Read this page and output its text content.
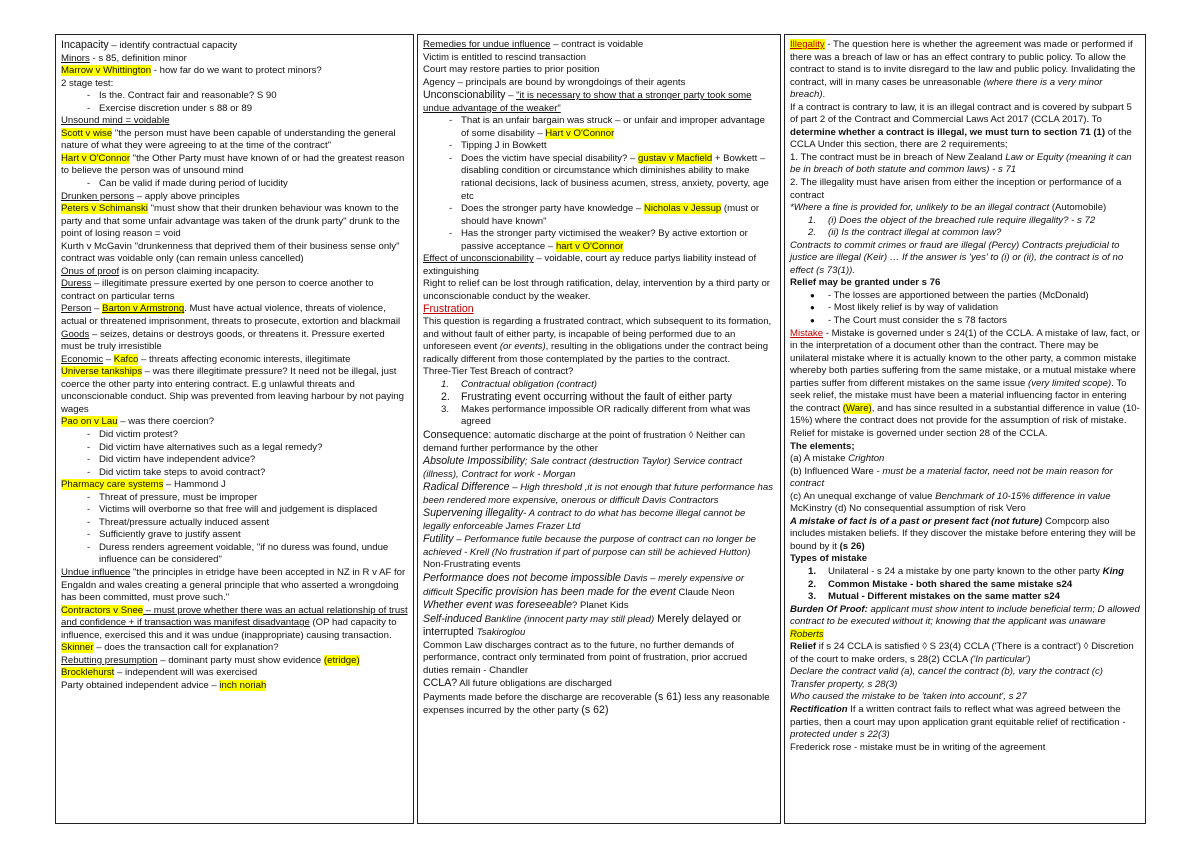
Incapacity – identify contractual capacity

Minors - s 85, definition minor

Marrow v Whittington - how far do we want to protect minors?

2 stage test:

- Is the. Contract fair and reasonable? S 90

- Exercise discretion under s 88 or 89

Unsound mind = voidable

Scott v wise "the person must have been capable of understanding the general nature of what they were agreeing to at the time of the contract"

Hart v O'Connor "the Other Party must have known of or had the greatest reason to believe the person was of unsound mind

- Can be valid if made during period of lucidity

Drunken persons – apply above principles

Peters v Schimanski "must show that their drunken behaviour was known to the party and that some unfair advantage was taken of the drunk party" drunk to the point of losing reason = void

Kurth v McGavin "drunkenness that deprived them of their business sense only" contract was voidable only (can remain unless cancelled)

Onus of proof is on person claiming incapacity.

Duress – illegitimate pressure exerted by one person to coerce another to contract on particular terns

Person – Barton v Armstrong. Must have actual violence, threats of violence, actual or threatened imprisonment, threats to prosecute, extortion and blackmail

Goods – seizes, detains or destroys goods, or threatens it. Pressure exerted must be truly irresistible

Economic – Kafco – threats affecting economic interests, illegitimate

Universe tankships – was there illegitimate pressure? It need not be illegal, just coerce the other party into entering contract. E.g unlawful threats and unconscionable conduct. Ship was prevented from leaving harbour by not paying wages

Pao on v Lau – was there coercion?

- Did victim protest?

- Did victim have alternatives such as a legal remedy?

- Did victim have independent advice?

- Did victim take steps to avoid contract?

Pharmacy care systems – Hammond J

- Threat of pressure, must be improper

- Victims will overborne so that free will and judgement is displaced

- Threat/pressure actually induced assent

- Sufficiently grave to justify assent

- Duress renders agreement voidable, "if no duress was found, undue influence can be considered"

Undue influence "the principles in etridge have been accepted in NZ in R v AF for Engaldn and wales creating a general principle that who asserted a wrongdoing has been committed, must prove such."

Contractors v Snee – must prove whether there was an actual relationship of trust and confidence + if transaction was manifest disadvantage (OP had capacity to influence, exercised this and it was undue (inappropriate) causing transaction.

Skinner – does the transaction call for explanation?

Rebutting presumption – dominant party must show evidence (etridge)

Brocklehurst – independent will was exercised

Party obtained independent advice – inch noriah

Remedies for undue influence – contract is voidable

Victim is entitled to rescind transaction

Court may restore parties to prior position

Agency – principals are bound by wrongdoings of their agents

Unconscionability – "it is necessary to show that a stronger party took some undue advantage of the weaker"

- That is an unfair bargain was struck – or unfair and improper advantage of some disability – Hart v O'Connor

- Tipping J in Bowkett

- Does the victim have special disability? – gustav v Macfield + Bowkett – disabling condition or circumstance which diminishes ability to make rational decisions, lack of business acumen, stress, anxiety, poverty, age etc

- Does the stronger party have knowledge – Nicholas v Jessup (must or should have known"

- Has the stronger party victimised the weaker? By active extortion or passive acceptance – hart v O'Connor

Effect of unconscionability – voidable, court ay reduce partys liability instead of extinguishing

Right to relief can be lost through ratification, delay, intervention by a third party or unconscionable conduct by the weaker.

Frustration

This question is regarding a frustrated contract, which subsequent to its formation, and without fault of either party, is incapable of being performed due to an unforeseen event (or events), resulting in the obligations under the contract being radically different from those contemplated by the parties to the contract.

Three-Tier Test Breach of contract?

1. Contractual obligation (contract)

2. Frustrating event occurring without the fault of either party

3. Makes performance impossible OR radically different from what was agreed

Consequence: automatic discharge at the point of frustration ◊ Neither can demand further performance by the other

Absolute Impossibility; Sale contract (destruction Taylor) Service contract (illness), Contract for work - Morgan

Radical Difference – High threshold ,it is not enough that future performance has been rendered more expensive, onerous or difficult Davis Contractors

Supervening illegality- A contract to do what has become illegal cannot be legally enforceable James Frazer Ltd

Futility – Performance futile because the purpose of contract can no longer be achieved - Krell (No frustration if part of purpose can still be achieved Hutton)

Non-Frustrating events

Performance does not become impossible Davis – merely expensive or difficult Specific provision has been made for the event Claude Neon

Whether event was foreseeable? Planet Kids

Self-induced Bankline (innocent party may still plead) Merely delayed or interrupted Tsakiroglou

Common Law discharges contract as to the future, no further demands of performance, contract only terminated from point of frustration, prior accrued duties remain - Chandler

CCLA? All future obligations are discharged

Payments made before the discharge are recoverable (s 61) less any reasonable expenses incurred by the other party (s 62)

Illegality - The question here is whether the agreement was made or performed if there was a breach of law or has an effect contrary to public policy. To allow the contract to stand is to invite disregard to the law and public policy. Invalidating the contract, will in many cases be unreasonable (where there is a very minor breach).

If a contract is contrary to law, it is an illegal contract and is covered by subpart 5 of part 2 of the Contract and Commercial Laws Act 2017 (CCLA 2017). To determine whether a contract is illegal, we must turn to section 71 (1) of the CCLA Under this section, there are 2 requirements;

1. The contract must be in breach of New Zealand Law or Equity (meaning it can be in breach of both statute and common laws) - s 71

2. The illegality must have arisen from either the inception or performance of a contract

*Where a fine is provided for, unlikely to be an illegal contract (Automobile)

1. (i) Does the object of the breached rule require illegality? - s 72

2. (ii) Is the contract illegal at common law?

Contracts to commit crimes or fraud are illegal (Percy) Contracts prejudicial to justice are illegal (Keir) … If the answer is 'yes' to (i) or (ii), the contract is of no effect (s 73(1)).

Relief may be granted under s 76

● - The losses are apportioned between the parties (McDonald)

● - Most likely relief is by way of validation

● - The Court must consider the s 78 factors

Mistake - Mistake is governed under s 24(1) of the CCLA. A mistake of law, fact, or in the interpretation of a document other than the contract. There may be unilateral mistake where it is actually known to the other party, a common mistake whereby both parties suffering from the same mistake, or a mutual mistake where parties suffer from different mistakes on the same issue (very limited scope). To seek relief, the mistake must have been a material influencing factor in entering the contract (Ware), and has since resulted in a substantial difference in value (10-15%) where the contract does not provide for the assumption of risk of mistake.

Relief for mistake is governed under section 28 of the CCLA.

The elements;

(a) A mistake Crighton

(b) Influenced Ware - must be a material factor, need not be main reason for contract

(c) An unequal exchange of value Benchmark of 10-15% difference in value McKinstry (d) No consequential assumption of risk Vero

A mistake of fact is of a past or present fact (not future) Compcorp also includes mistaken beliefs. If they discover the mistake before entering they will be bound by it (s 26)

Types of mistake

1. Unilateral - s 24 a mistake by one party known to the other party King

2. Common Mistake - both shared the same mistake s24

3. Mutual - Different mistakes on the same matter s24

Burden Of Proof: applicant must show intent to include beneficial term; D allowed contract to be executed without it; knowing that the applicant was unaware Roberts

Relief if s 24 CCLA is satisfied ◊ S 23(4) CCLA ('There is a contract') ◊ Discretion of the court to make orders, s 28(2) CCLA ('In particular')

Declare the contract valid (a), cancel the contract (b), vary the contract (c) Transfer property, s 28(3)

Who caused the mistake to be 'taken into account', s 27

Rectification If a written contract fails to reflect what was agreed between the parties, then a court may upon application grant equitable relief of rectification - protected under s 22(3)

Frederick rose - mistake must be in writing of the agreement
